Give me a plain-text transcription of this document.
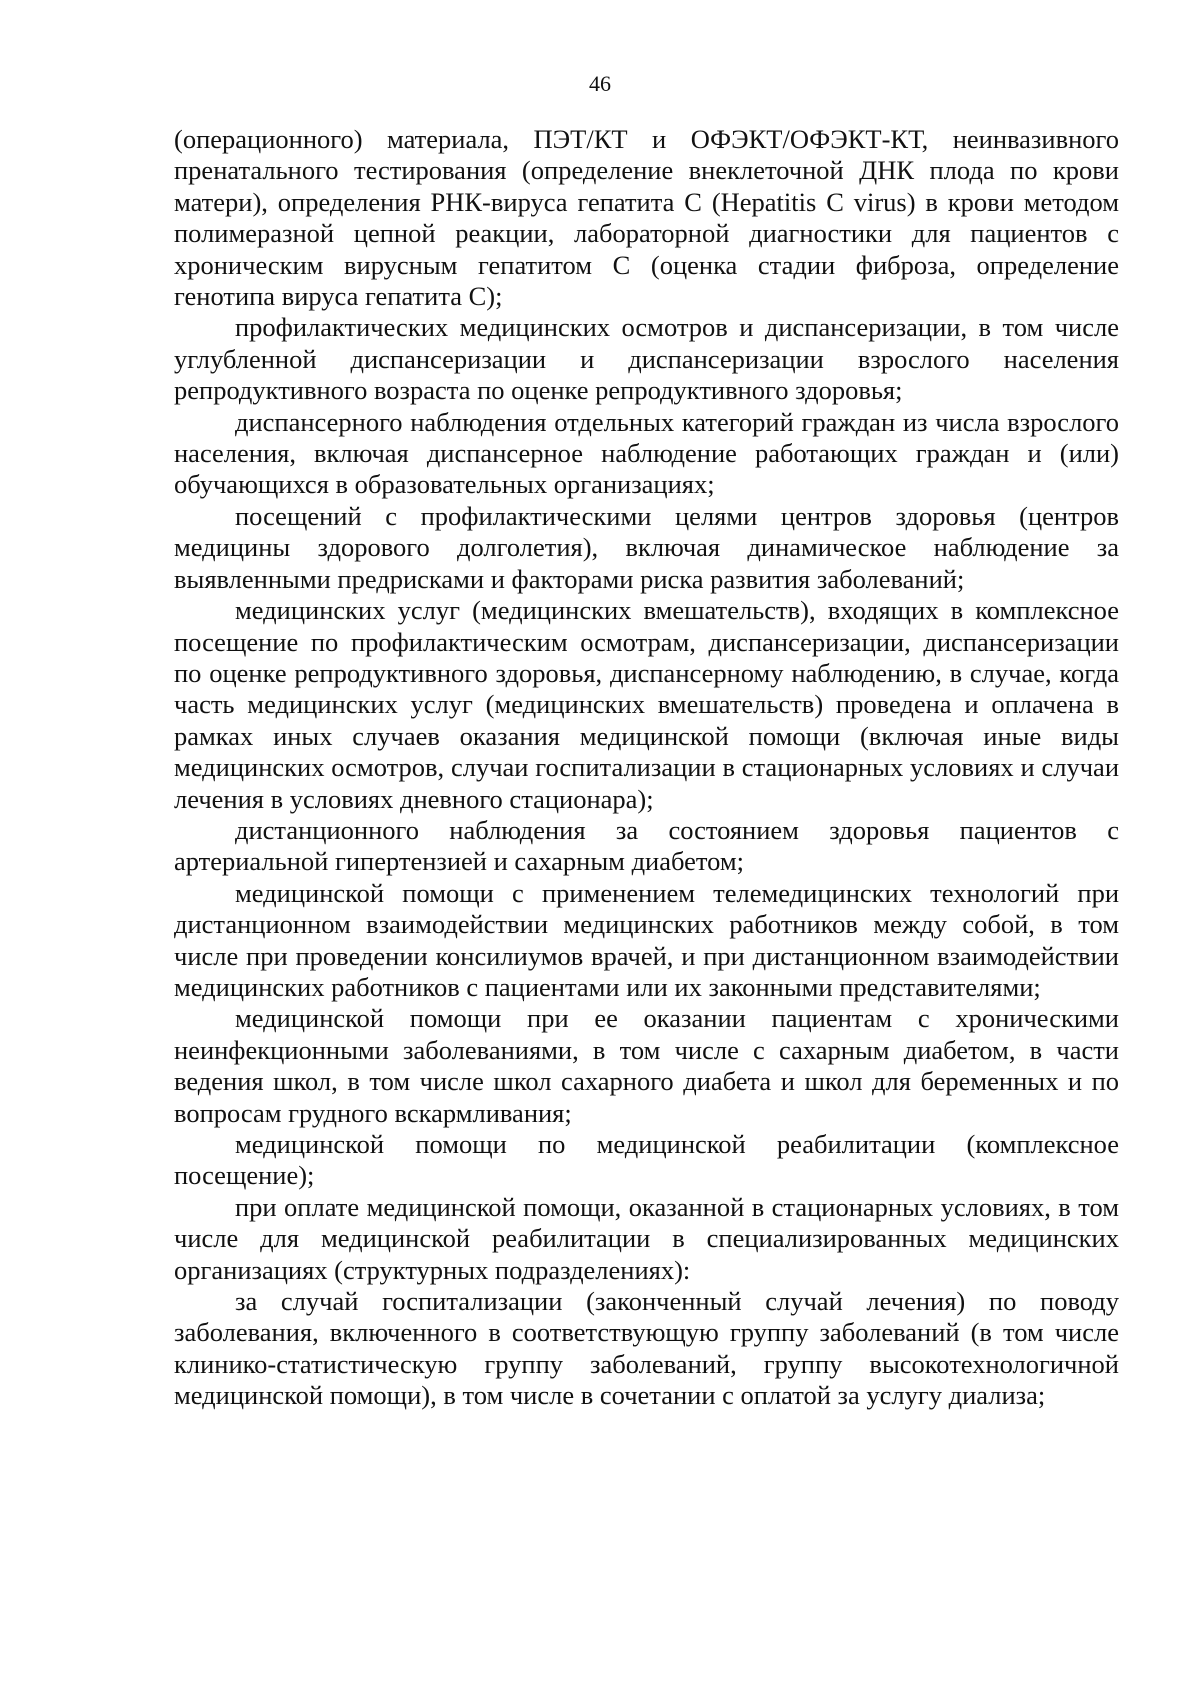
46

(операционного) материала, ПЭТ/КТ и ОФЭКТ/ОФЭКТ-КТ, неинвазивного пренатального тестирования (определение внеклеточной ДНК плода по крови матери), определения РНК-вируса гепатита С (Hepatitis C virus) в крови методом полимеразной цепной реакции, лабораторной диагностики для пациентов с хроническим вирусным гепатитом С (оценка стадии фиброза, определение генотипа вируса гепатита С);

профилактических медицинских осмотров и диспансеризации, в том числе углубленной диспансеризации и диспансеризации взрослого населения репродуктивного возраста по оценке репродуктивного здоровья;

диспансерного наблюдения отдельных категорий граждан из числа взрослого населения, включая диспансерное наблюдение работающих граждан и (или) обучающихся в образовательных организациях;

посещений с профилактическими целями центров здоровья (центров медицины здорового долголетия), включая динамическое наблюдение за выявленными предрисками и факторами риска развития заболеваний;

медицинских услуг (медицинских вмешательств), входящих в комплексное посещение по профилактическим осмотрам, диспансеризации, диспансеризации по оценке репродуктивного здоровья, диспансерному наблюдению, в случае, когда часть медицинских услуг (медицинских вмешательств) проведена и оплачена в рамках иных случаев оказания медицинской помощи (включая иные виды медицинских осмотров, случаи госпитализации в стационарных условиях и случаи лечения в условиях дневного стационара);

дистанционного наблюдения за состоянием здоровья пациентов с артериальной гипертензией и сахарным диабетом;

медицинской помощи с применением телемедицинских технологий при дистанционном взаимодействии медицинских работников между собой, в том числе при проведении консилиумов врачей, и при дистанционном взаимодействии медицинских работников с пациентами или их законными представителями;

медицинской помощи при ее оказании пациентам с хроническими неинфекционными заболеваниями, в том числе с сахарным диабетом, в части ведения школ, в том числе школ сахарного диабета и школ для беременных и по вопросам грудного вскармливания;

медицинской помощи по медицинской реабилитации (комплексное посещение);

при оплате медицинской помощи, оказанной в стационарных условиях, в том числе для медицинской реабилитации в специализированных медицинских организациях (структурных подразделениях):

за случай госпитализации (законченный случай лечения) по поводу заболевания, включенного в соответствующую группу заболеваний (в том числе клинико-статистическую группу заболеваний, группу высокотехнологичной медицинской помощи), в том числе в сочетании с оплатой за услугу диализа;
